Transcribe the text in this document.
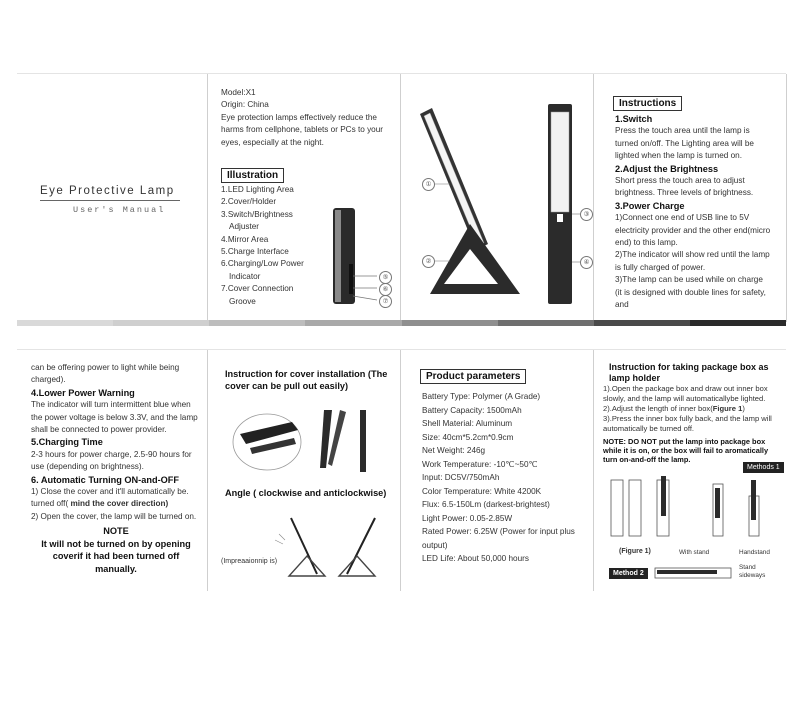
Eye Protective Lamp
User's Manual
Model:X1
Origin: China
Eye protection lamps effectively reduce the harms from cellphone, tablets or PCs to your eyes, especially at the night.
Illustration
1.LED Lighting Area
2.Cover/Holder
3.Switch/Brightness
Adjuster
4.Mirror Area
5.Charge Interface
6.Charging/Low Power
Indicator
7.Cover Connection
Groove
⑤
⑥
⑦
①
②
③
④
Instructions
1.Switch
Press the touch area until the lamp is turned on/off. The Lighting area will be lighted when the lamp is turned on.
2.Adjust the Brightness
Short press the touch area to adjust brightness. Three levels of brightness.
3.Power Charge
1)Connect one end of USB line to 5V electricity provider and the other end(micro end) to this lamp.
2)The indicator will show red until the lamp is fully charged of power.
3)The lamp can be used while on charge (it is designed with double lines for safety, and
can be offering power to light while being charged).
4.Lower Power Warning
The indicator will turn intermittent blue when the power voltage is below 3.3V, and the lamp shall be connected to power provider.
5.Charging Time
2-3 hours for power charge, 2.5-90 hours for use (depending on brightness).
6. Automatic Turning ON-and-OFF
1) Close the cover and it'll automatically be. turned off( mind the cover direction)
2) Open the cover, the lamp will be turned on.
NOTE
It will not be turned on by opening coverif it had been turned off manually.
Instruction for cover installation (The cover can be pull out easily)
Angle ( clockwise and anticlockwise)
(Impreaaionnip is)
Product parameters
Battery Type: Polymer (A Grade)
Battery Capacity: 1500mAh
Shell Material: Aluminum
Size: 40cm*5.2cm*0.9cm
Net Weight: 246g
Work Temperature: -10℃~50℃
Input: DC5V/750mAh
Color Temperature: White 4200K
Flux: 6.5-150Lm (darkest-brightest)
Light Power: 0.05-2.85W
Rated Power: 6.25W (Power for input plus output)
LED Life: About 50,000 hours
Instruction for taking package box as lamp holder
1).Open the package box and draw out inner box slowly, and the lamp will automaticallybe lighted.
2).Adjust the length of inner box(Figure 1)
3).Press the inner box fully back, and the lamp will automatically be turned off.
NOTE: DO NOT put the lamp into package box while it is on, or the box will fail to aromatically turn on-and-off the lamp.
Methods 1
(Figure 1)	With stand	Handstand
Method 2
Stand sideways
